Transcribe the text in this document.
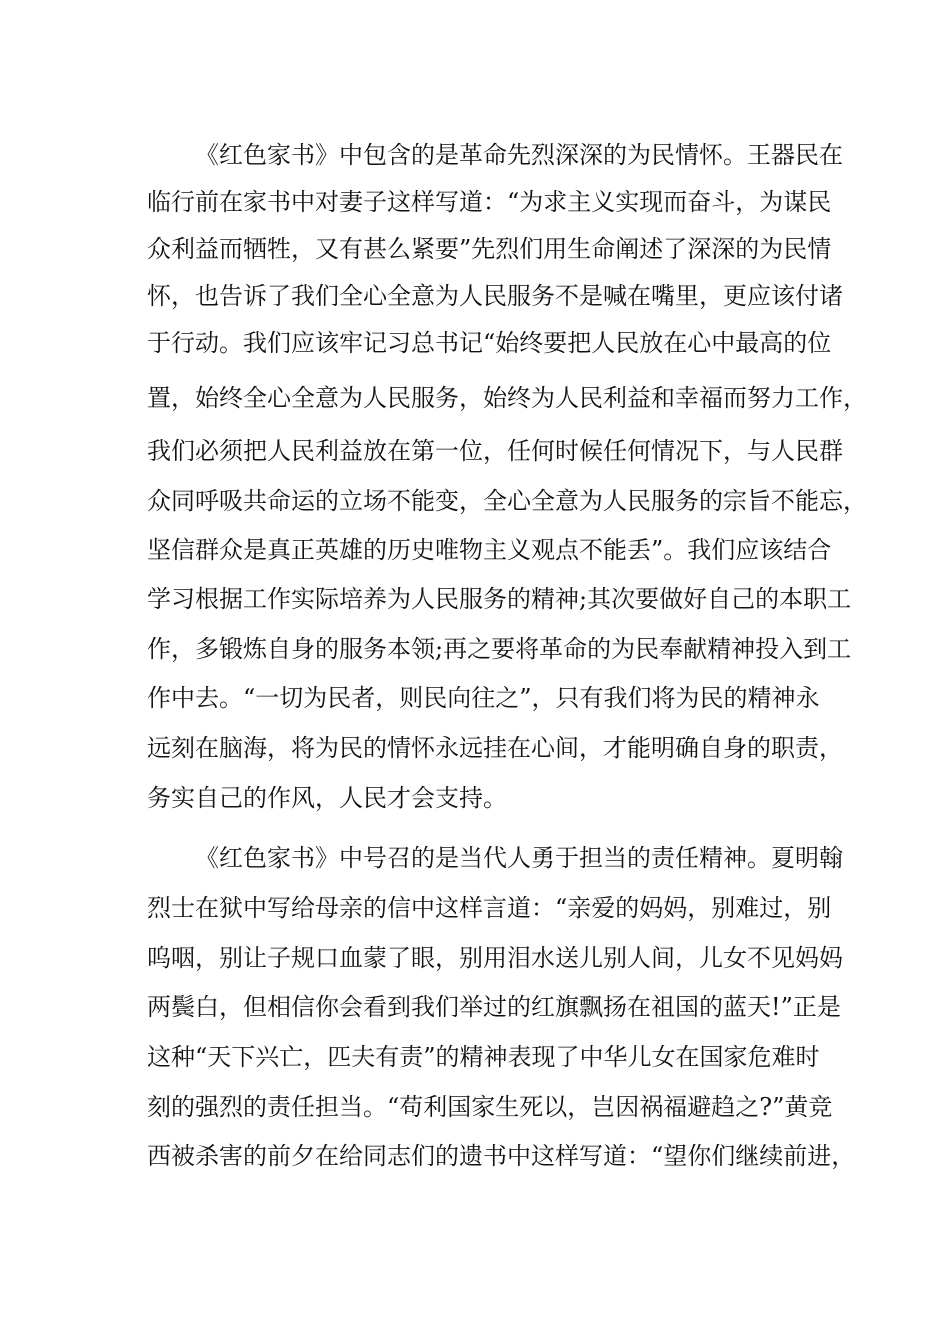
《红色家书》中包含的是革命先烈深深的为民情怀。王器民在
临行前在家书中对妻子这样写道：“为求主义实现而奋斗，为谋民
众利益而牺牲，又有甚么紧要”先烈们用生命阐述了深深的为民情
怀，也告诉了我们全心全意为人民服务不是喊在嘴里，更应该付诸
于行动。我们应该牢记习总书记“始终要把人民放在心中最高的位
置，始终全心全意为人民服务，始终为人民利益和幸福而努力工作，
我们必须把人民利益放在第一位，任何时候任何情况下，与人民群
众同呼吸共命运的立场不能变，全心全意为人民服务的宗旨不能忘，
坚信群众是真正英雄的历史唯物主义观点不能丢”。我们应该结合
学习根据工作实际培养为人民服务的精神;其次要做好自己的本职工
作，多锻炼自身的服务本领;再之要将革命的为民奉献精神投入到工
作中去。“一切为民者，则民向往之”，只有我们将为民的精神永
远刻在脑海，将为民的情怀永远挂在心间，才能明确自身的职责，
务实自己的作风，人民才会支持。
《红色家书》中号召的是当代人勇于担当的责任精神。夏明翰
烈士在狱中写给母亲的信中这样言道：“亲爱的妈妈，别难过，别
呜咽，别让子规口血蒙了眼，别用泪水送儿别人间，儿女不见妈妈
两鬓白，但相信你会看到我们举过的红旗飘扬在祖国的蓝天!”正是
这种“天下兴亡，匹夫有责”的精神表现了中华儿女在国家危难时
刻的强烈的责任担当。“苟利国家生死以，岂因祸福避趋之?”黄竞
西被杀害的前夕在给同志们的遗书中这样写道：“望你们继续前进，
